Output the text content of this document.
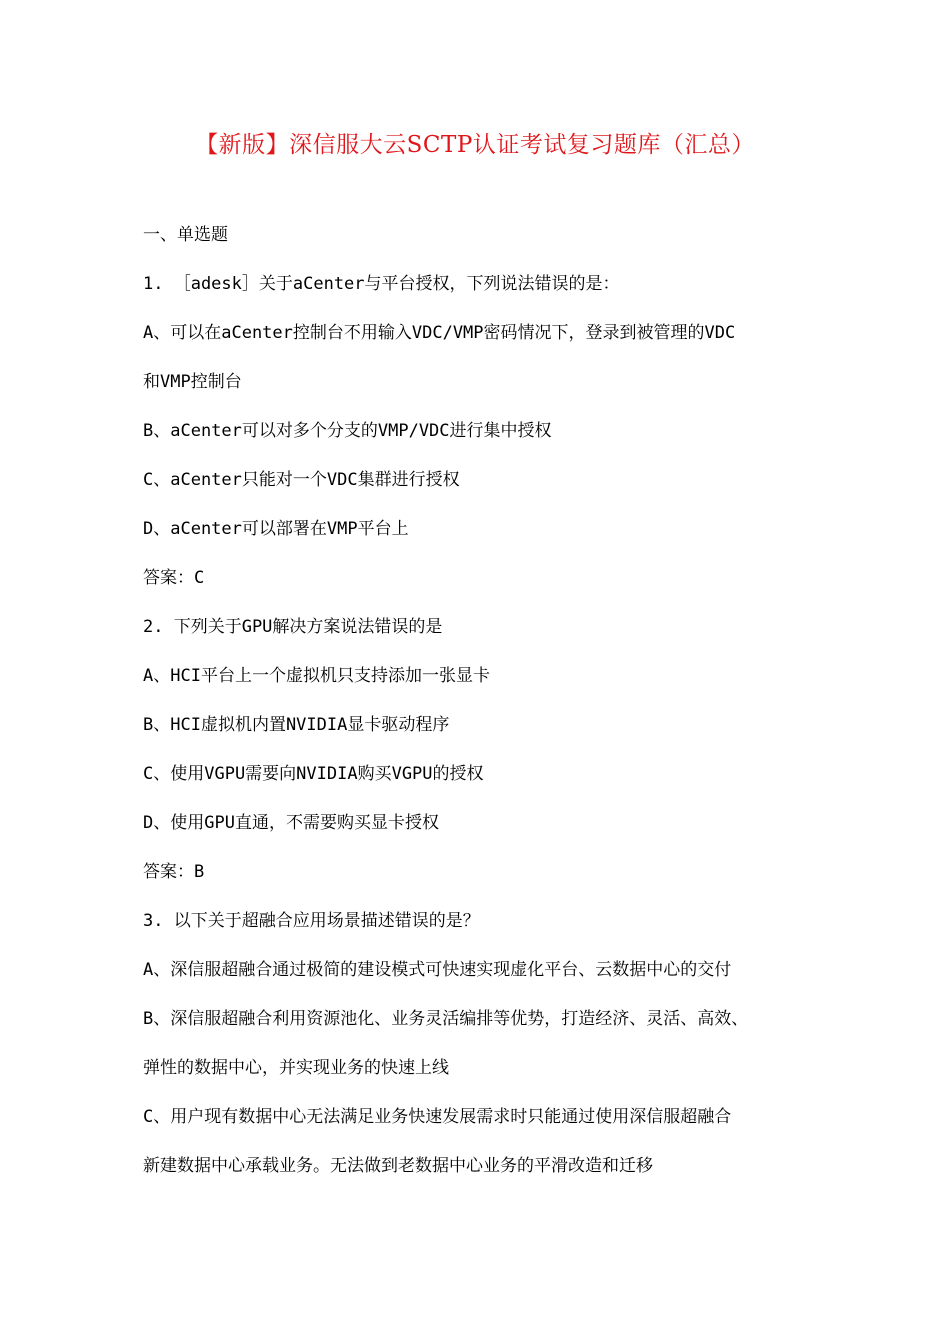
【新版】深信服大云SCTP认证考试复习题库（汇总）
一、单选题
1. ［adesk］关于aCenter与平台授权，下列说法错误的是：
A、可以在aCenter控制台不用输入VDC/VMP密码情况下，登录到被管理的VDC
和VMP控制台
B、aCenter可以对多个分支的VMP/VDC进行集中授权
C、aCenter只能对一个VDC集群进行授权
D、aCenter可以部署在VMP平台上
答案：C
2. 下列关于GPU解决方案说法错误的是
A、HCI平台上一个虚拟机只支持添加一张显卡
B、HCI虚拟机内置NVIDIA显卡驱动程序
C、使用VGPU需要向NVIDIA购买VGPU的授权
D、使用GPU直通，不需要购买显卡授权
答案：B
3. 以下关于超融合应用场景描述错误的是？
A、深信服超融合通过极简的建设模式可快速实现虚化平台、云数据中心的交付
B、深信服超融合利用资源池化、业务灵活编排等优势，打造经济、灵活、高效、
弹性的数据中心，并实现业务的快速上线
C、用户现有数据中心无法满足业务快速发展需求时只能通过使用深信服超融合
新建数据中心承载业务。无法做到老数据中心业务的平滑改造和迁移
